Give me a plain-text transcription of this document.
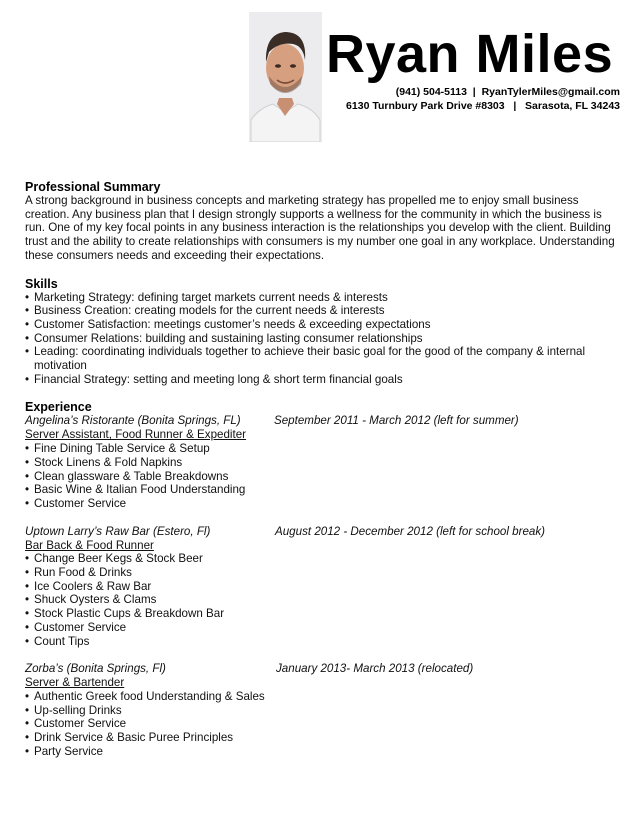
Ryan Miles
(941) 504-5113  |  RyanTylerMiles@gmail.com
6130 Turnbury Park Drive #8303   |   Sarasota, FL 34243
Professional Summary
A strong background in business concepts and marketing strategy has propelled me to enjoy small business
creation. Any business plan that I design strongly supports a wellness for the community in which the business is
run. One of my key focal points in any business interaction is the relationships you develop with the client. Building
trust and the ability to create relationships with consumers is my number one goal in any workplace. Understanding
these consumers needs and exceeding their expectations.
Skills
• Marketing Strategy: defining target markets current needs & interests
• Business Creation: creating models for the current needs & interests
• Customer Satisfaction: meetings customer’s needs & exceeding expectations
• Consumer Relations: building and sustaining lasting consumer relationships
• Leading: coordinating individuals together to achieve their basic goal for the good of the company & internal motivation
• Financial Strategy: setting and meeting long & short term financial goals
Experience
Angelina’s Ristorante (Bonita Springs, FL)	September 2011 - March 2012 (left for summer)
Server Assistant, Food Runner & Expediter
• Fine Dining Table Service & Setup
• Stock Linens & Fold Napkins
• Clean glassware & Table Breakdowns
• Basic Wine & Italian Food Understanding
• Customer Service
Uptown Larry’s Raw Bar (Estero, Fl)	August 2012 - December 2012 (left for school break)
Bar Back & Food Runner
• Change Beer Kegs & Stock Beer
• Run Food & Drinks
• Ice Coolers & Raw Bar
• Shuck Oysters & Clams
• Stock Plastic Cups & Breakdown Bar
• Customer Service
• Count Tips
Zorba’s (Bonita Springs, Fl)	January 2013- March 2013 (relocated)
Server & Bartender
• Authentic Greek food Understanding & Sales
• Up-selling Drinks
• Customer Service
• Drink Service & Basic Puree Principles
• Party Service
